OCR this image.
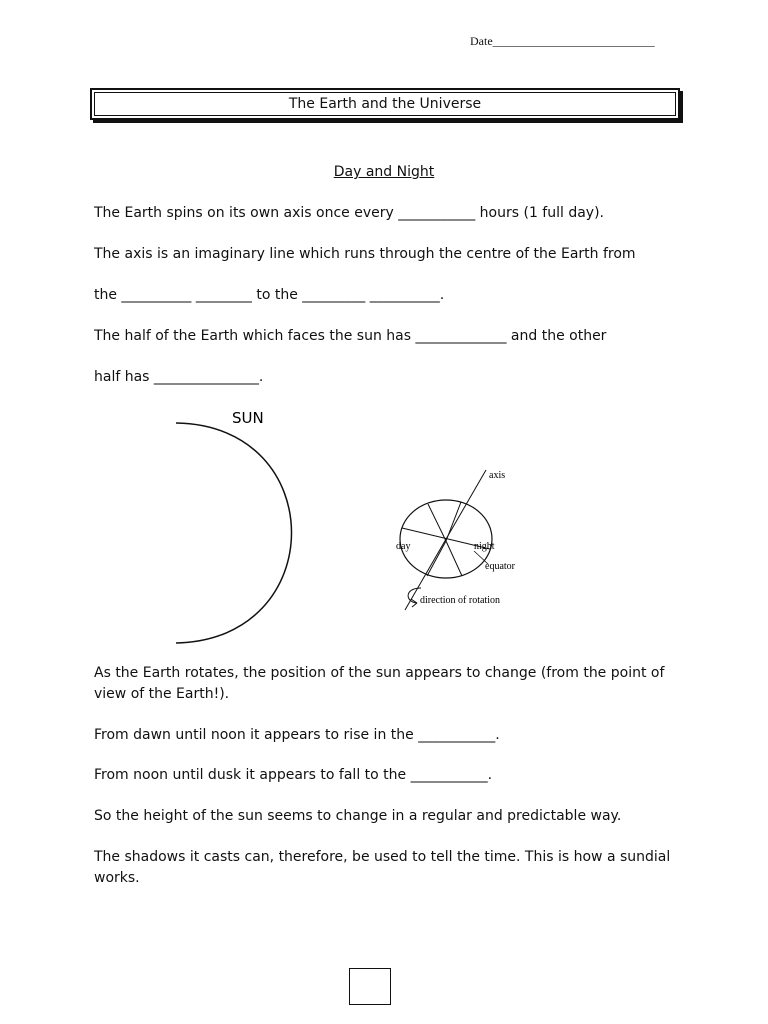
Date___________________________
The Earth and the Universe
Day and Night
The Earth spins on its own axis once every ___________ hours (1 full day).
The axis is an imaginary line which runs through the centre of the Earth from
the __________ ________ to the _________ __________.
The half of the Earth which faces the sun has _____________ and the other
half has _______________.
SUN
axis
day	night
equator
direction of rotation
As the Earth rotates, the position of the sun appears to change (from the point of view of the Earth!).
From dawn until noon it appears to rise in the ___________.
From noon until dusk it appears to fall to the ___________.
So the height of the sun seems to change in a regular and predictable way.
The shadows it casts can, therefore, be used to tell the time. This is how a sundial works.
